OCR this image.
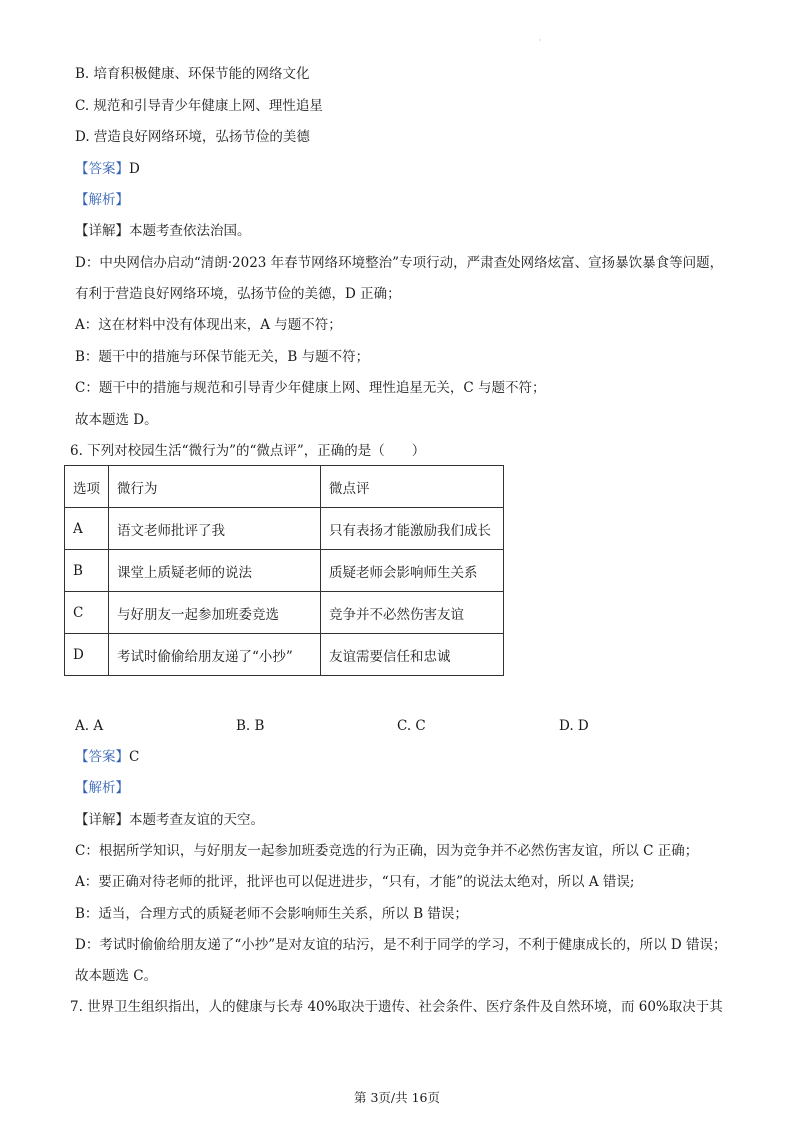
·
B. 培育积极健康、环保节能的网络文化
C. 规范和引导青少年健康上网、理性追星
D. 营造良好网络环境，弘扬节俭的美德
【答案】D
【解析】
【详解】本题考查依法治国。
D：中央网信办启动“清朗·2023 年春节网络环境整治”专项行动，严肃查处网络炫富、宣扬暴饮暴食等问题，
有利于营造良好网络环境，弘扬节俭的美德，D 正确；
A：这在材料中没有体现出来，A 与题不符；
B：题干中的措施与环保节能无关，B 与题不符；
C：题干中的措施与规范和引导青少年健康上网、理性追星无关，C 与题不符；
故本题选 D。
6. 下列对校园生活“微行为”的“微点评”，正确的是（　　）
选项	微行为	微点评
A	语文老师批评了我	只有表扬才能激励我们成长
B	课堂上质疑老师的说法	质疑老师会影响师生关系
C	与好朋友一起参加班委竞选	竞争并不必然伤害友谊
D	考试时偷偷给朋友递了“小抄”	友谊需要信任和忠诚
A. A	B. B	C. C	D. D
【答案】C
【解析】
【详解】本题考查友谊的天空。
C：根据所学知识，与好朋友一起参加班委竞选的行为正确，因为竞争并不必然伤害友谊，所以 C 正确；
A：要正确对待老师的批评，批评也可以促进进步，“只有，才能”的说法太绝对，所以 A 错误;
B：适当，合理方式的质疑老师不会影响师生关系，所以 B 错误；
D：考试时偷偷给朋友递了“小抄”是对友谊的玷污，是不利于同学的学习，不利于健康成长的，所以 D 错误；
故本题选 C。
7. 世界卫生组织指出，人的健康与长寿 40%取决于遗传、社会条件、医疗条件及自然环境，而 60%取决于其
第 3页/共 16页
